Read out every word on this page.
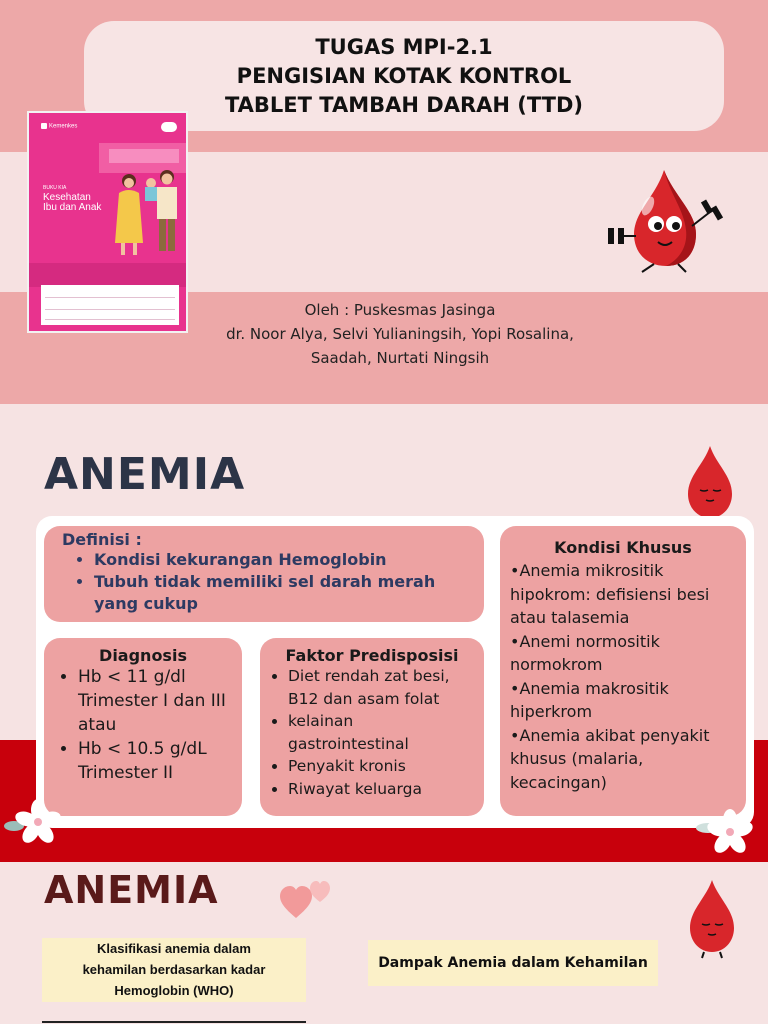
TUGAS MPI-2.1
PENGISIAN KOTAK KONTROL
TABLET TAMBAH DARAH (TTD)
Kemenkes
BUKU KIA
Kesehatan Ibu dan Anak
Oleh : Puskesmas Jasinga
dr. Noor Alya, Selvi Yulianingsih, Yopi Rosalina,
Saadah, Nurtati Ningsih
ANEMIA
Definisi :
• Kondisi kekurangan Hemoglobin
• Tubuh tidak memiliki sel darah merah yang cukup
Diagnosis
• Hb < 11 g/dl Trimester I dan III atau
• Hb < 10.5 g/dL Trimester II
Faktor Predisposisi
• Diet rendah zat besi, B12 dan asam folat
• kelainan gastrointestinal
• Penyakit kronis
• Riwayat keluarga
Kondisi Khusus
•Anemia mikrositik hipokrom: defisiensi besi atau talasemia
•Anemi normositik normokrom
•Anemia makrositik hiperkrom
•Anemia akibat penyakit khusus (malaria, kecacingan)
ANEMIA
Klasifikasi anemia dalam
kehamilan berdasarkan kadar
Hemoglobin (WHO)
Dampak Anemia dalam Kehamilan
